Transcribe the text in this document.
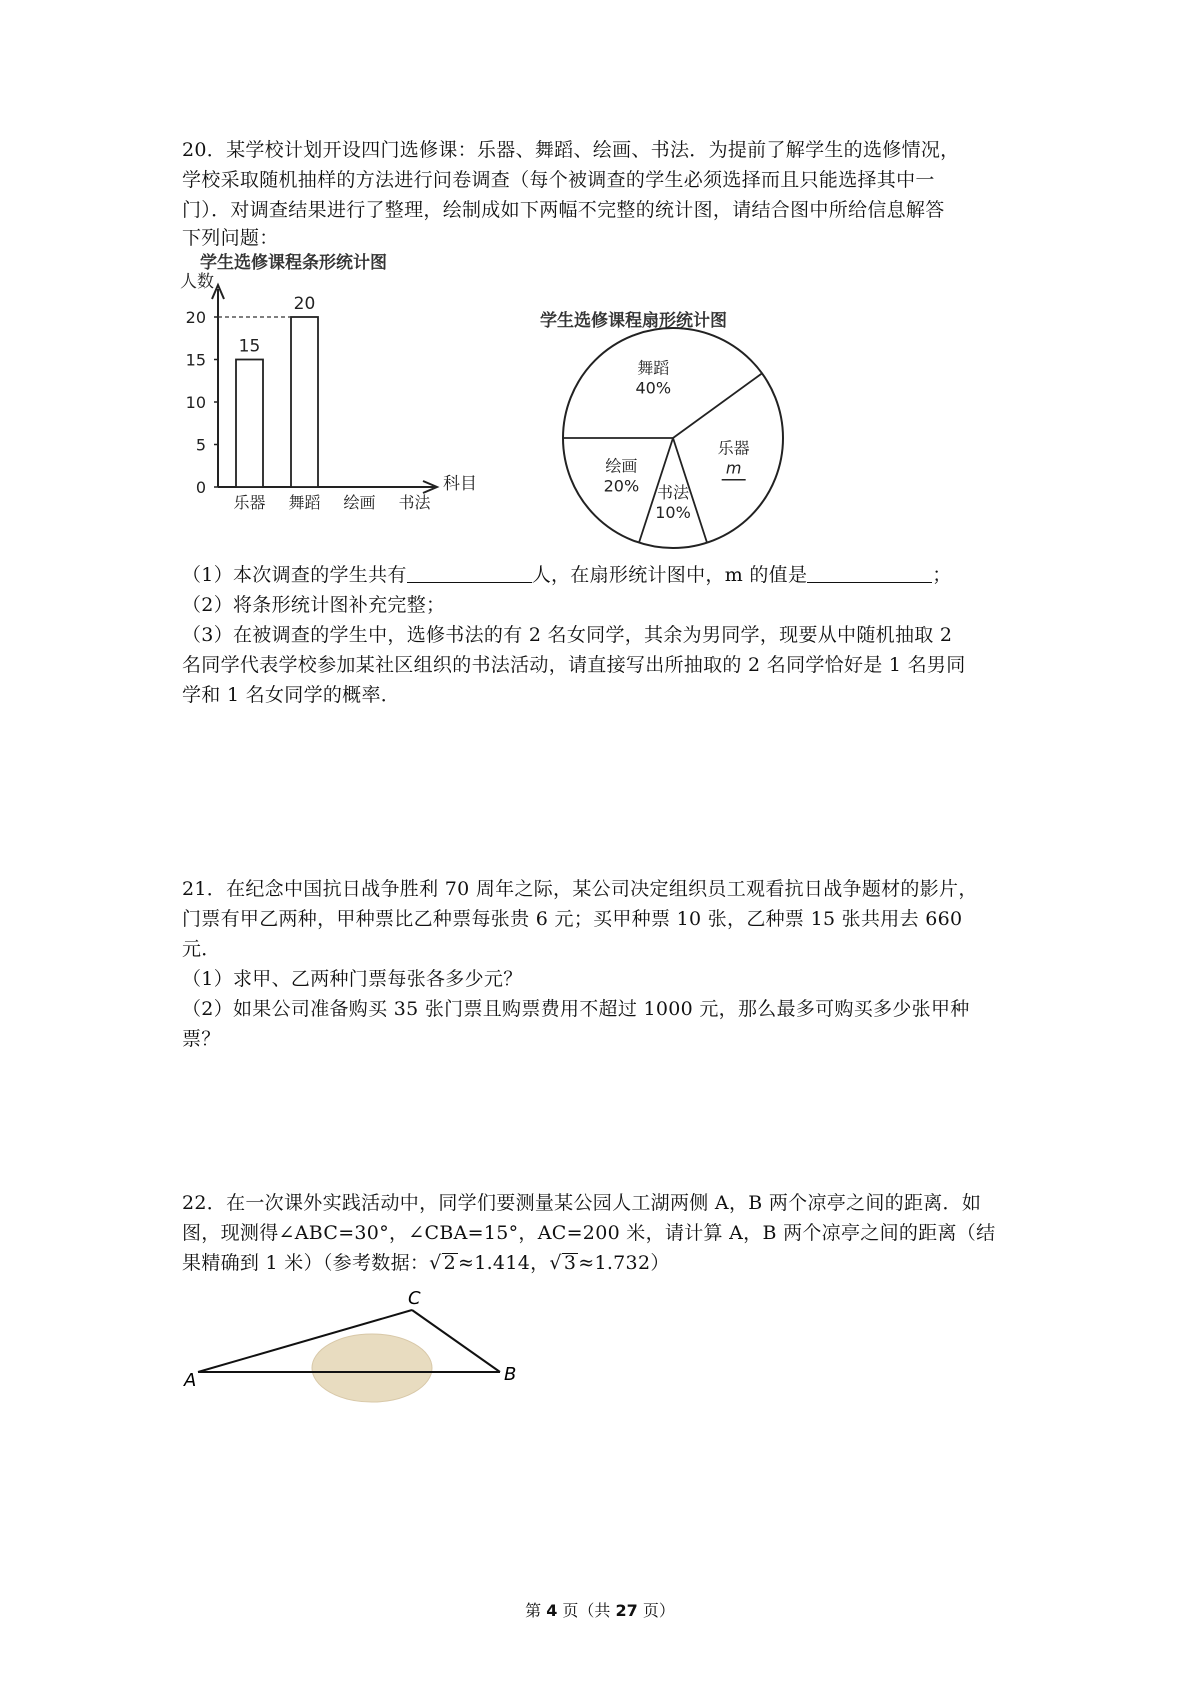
20．某学校计划开设四门选修课：乐器、舞蹈、绘画、书法．为提前了解学生的选修情况，
学校采取随机抽样的方法进行问卷调查（每个被调查的学生必须选择而且只能选择其中一
门）．对调查结果进行了整理，绘制成如下两幅不完整的统计图，请结合图中所给信息解答
下列问题：
学生选修课程条形统计图
人数
科目
0
5
10
15
20
乐器
15
舞蹈
20
绘画 书法
学生选修课程扇形统计图
舞蹈
40%
乐器
m
书法
10%
绘画
20%
（1）本次调查的学生共有	人，在扇形统计图中，m 的值是	；
（2）将条形统计图补充完整；
（3）在被调查的学生中，选修书法的有 2 名女同学，其余为男同学，现要从中随机抽取 2
名同学代表学校参加某社区组织的书法活动，请直接写出所抽取的 2 名同学恰好是 1 名男同
学和 1 名女同学的概率．
21．在纪念中国抗日战争胜利 70 周年之际，某公司决定组织员工观看抗日战争题材的影片，
门票有甲乙两种，甲种票比乙种票每张贵 6 元；买甲种票 10 张，乙种票 15 张共用去 660
元．
（1）求甲、乙两种门票每张各多少元？
（2）如果公司准备购买 35 张门票且购票费用不超过 1000 元，那么最多可购买多少张甲种
票？
22．在一次课外实践活动中，同学们要测量某公园人工湖两侧 A，B 两个凉亭之间的距离．如
图，现测得∠ABC=30°，∠CBA=15°，AC=200 米，请计算 A，B 两个凉亭之间的距离（结
果精确到 1 米）（参考数据：√ 2 ≈1.414，√ 3 ≈1.732）
A	B
C
第 4 页（共 27 页）
